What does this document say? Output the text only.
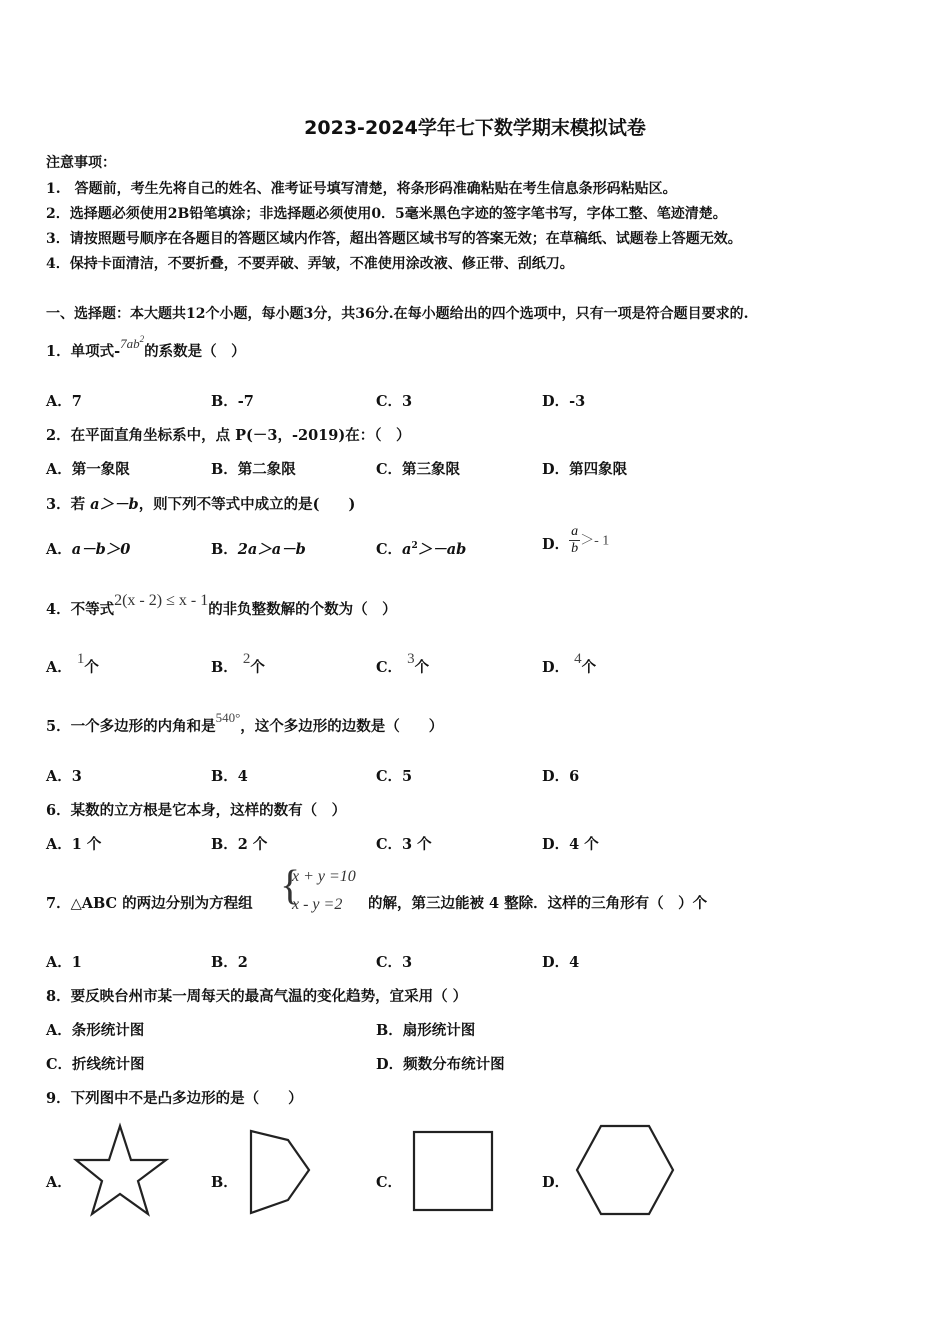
2023-2024学年七下数学期末模拟试卷
注意事项：
1.　答题前，考生先将自己的姓名、准考证号填写清楚，将条形码准确粘贴在考生信息条形码粘贴区。
2．选择题必须使用2B铅笔填涂；非选择题必须使用0．5毫米黑色字迹的签字笔书写，字体工整、笔迹清楚。
3．请按照题号顺序在各题目的答题区域内作答，超出答题区域书写的答案无效；在草稿纸、试题卷上答题无效。
4．保持卡面清洁，不要折叠，不要弄破、弄皱，不准使用涂改液、修正带、刮纸刀。
一、选择题：本大题共12个小题，每小题3分，共36分.在每小题给出的四个选项中，只有一项是符合题目要求的.
1．单项式$-7ab^2$的系数是（　）
A．7	B．-7	C．3	D．-3
2．在平面直角坐标系中，点 P(－3，-2019)在：（　）
A．第一象限	B．第二象限	C．第三象限	D．第四象限
3．若 a＞－b，则下列不等式中成立的是(　　)
A．a－b＞0	B．2a＞a－b	C．$a^2>-ab$	D． $\frac{a}{b} >- 1$
4．不等式2(x - 2) ≤ x - 1的非负整数解的个数为（　）
A． 1个	B． 2个	C． 3个	D． 4个
5．一个多边形的内角和是540°，这个多边形的边数是（　　）
A．3	B．4	C．5	D．6
6．某数的立方根是它本身，这样的数有（　）
A．1 个	B．2 个	C．3 个	D．4 个
7．△ABC 的两边分别为方程组 {
x + y =10
x - y =2 的解，第三边能被 4 整除．这样的三角形有（　）个
A．1	B．2	C．3	D．4
8．要反映台州市某一周每天的最高气温的变化趋势，宜采用（ ）
A．条形统计图	B．扇形统计图
C．折线统计图	D．频数分布统计图
9．下列图中不是凸多边形的是（　　）
A．	B．	C．	D．
